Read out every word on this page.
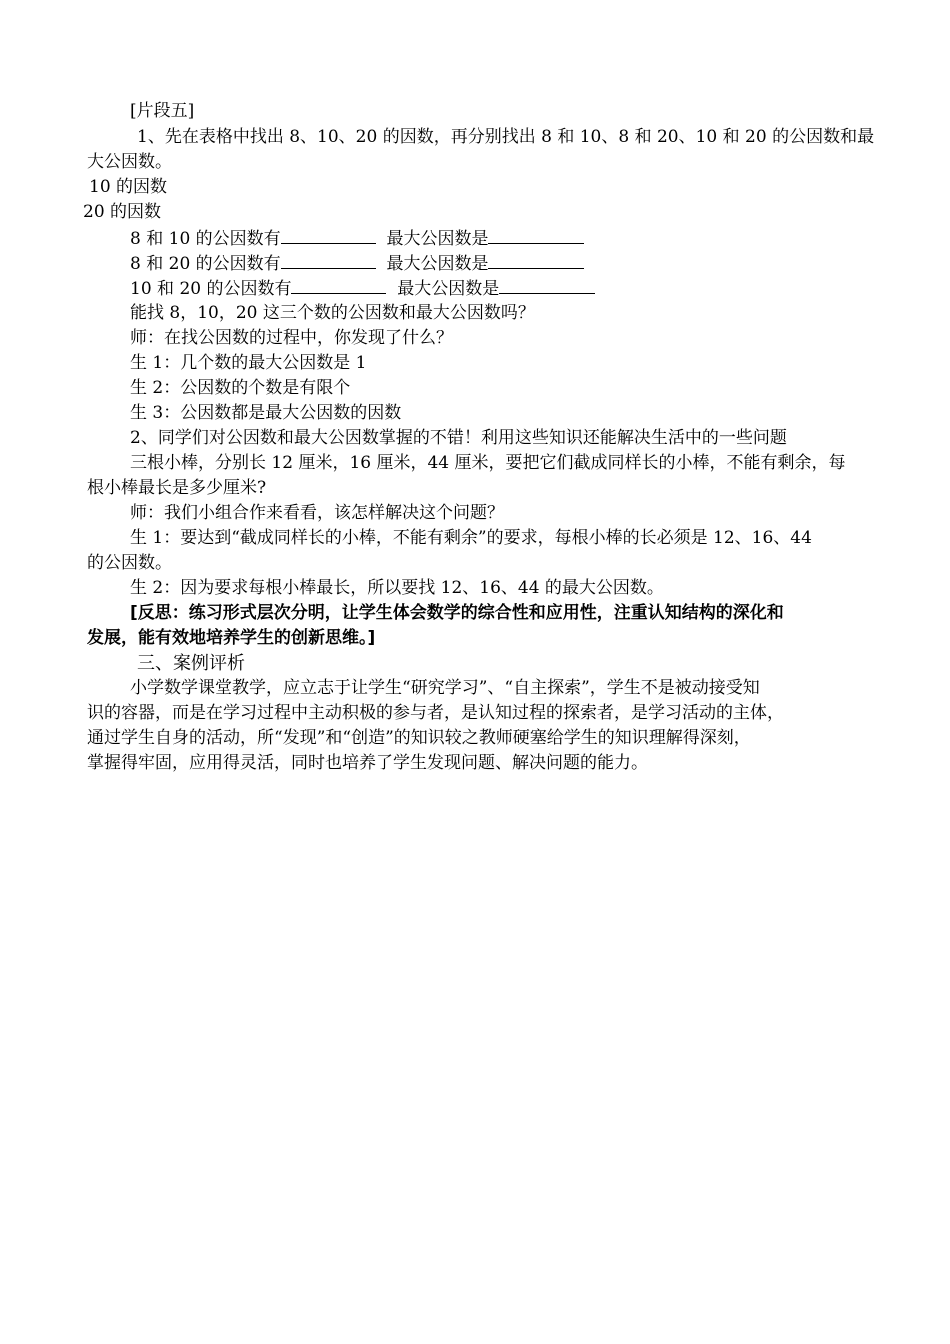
[片段五]
1、先在表格中找出 8、10、20 的因数，再分别找出 8 和 10、8 和 20、10 和 20 的公因数和最
大公因数。
10 的因数
20 的因数
8 和 10 的公因数有	最大公因数是
8 和 20 的公因数有	最大公因数是
10 和 20 的公因数有	最大公因数是
能找 8，10，20 这三个数的公因数和最大公因数吗？
师：在找公因数的过程中，你发现了什么？
生 1：几个数的最大公因数是 1
生 2：公因数的个数是有限个
生 3：公因数都是最大公因数的因数
2、同学们对公因数和最大公因数掌握的不错！利用这些知识还能解决生活中的一些问题
三根小棒，分别长 12 厘米，16 厘米，44 厘米，要把它们截成同样长的小棒，不能有剩余，每
根小棒最长是多少厘米?
师：我们小组合作来看看，该怎样解决这个问题？
生 1：要达到“截成同样长的小棒，不能有剩余”的要求，每根小棒的长必须是 12、16、44
的公因数。
生 2：因为要求每根小棒最长，所以要找 12、16、44 的最大公因数。
[反思：练习形式层次分明，让学生体会数学的综合性和应用性，注重认知结构的深化和
发展，能有效地培养学生的创新思维。]
三、案例评析
小学数学课堂教学，应立志于让学生“研究学习”、“自主探索”，学生不是被动接受知
识的容器，而是在学习过程中主动积极的参与者，是认知过程的探索者，是学习活动的主体，
通过学生自身的活动，所“发现”和“创造”的知识较之教师硬塞给学生的知识理解得深刻，
掌握得牢固，应用得灵活，同时也培养了学生发现问题、解决问题的能力。
